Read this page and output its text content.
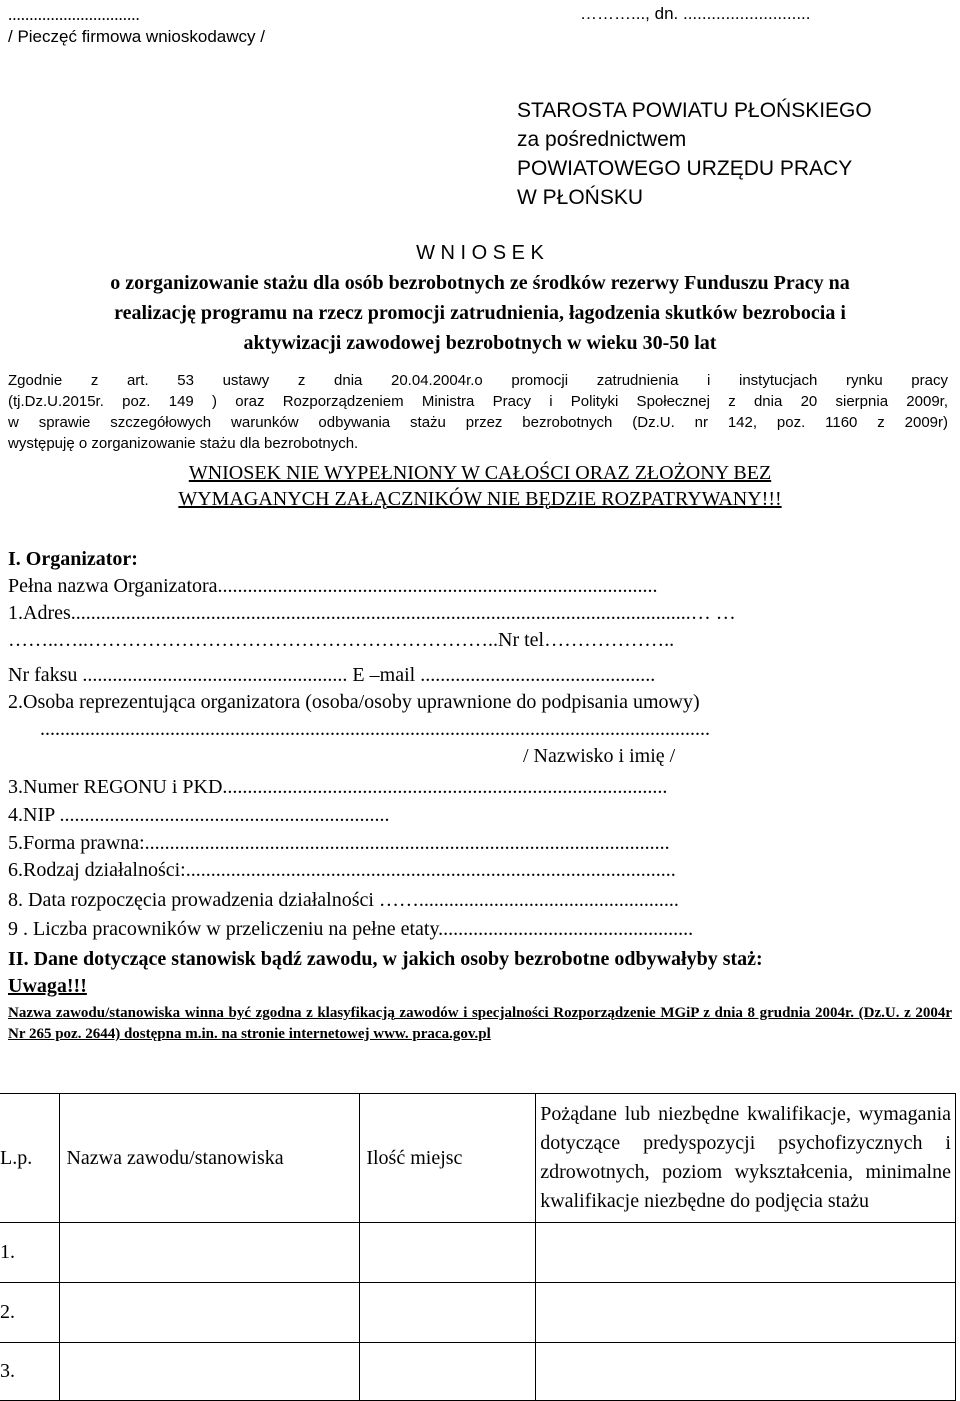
...............................
/ Pieczęć firmowa wnioskodawcy /
………..., dn. ...........................
STAROSTA POWIATU PŁOŃSKIEGO
za pośrednictwem
POWIATOWEGO URZĘDU PRACY
W PŁOŃSKU
W N I O S E K
o zorganizowanie stażu dla osób bezrobotnych ze środków rezerwy Funduszu Pracy na
realizację programu na rzecz promocji zatrudnienia, łagodzenia skutków bezrobocia i
aktywizacji zawodowej bezrobotnych w wieku 30-50 lat

Zgodnie z art. 53 ustawy z dnia 20.04.2004r.o promocji zatrudnienia i instytucjach rynku pracy

(tj.Dz.U.2015r. poz. 149 ) oraz Rozporządzeniem Ministra Pracy i Polityki Społecznej z dnia 20 sierpnia 2009r,

w sprawie szczegółowych warunków odbywania stażu przez bezrobotnych (Dz.U. nr 142, poz. 1160 z 2009r)

występuję o zorganizowanie stażu dla bezrobotnych.

WNIOSEK NIE WYPEŁNIONY W CAŁOŚCI ORAZ ZŁOŻONY BEZ
WYMAGANYCH ZAŁĄCZNIKÓW NIE BĘDZIE ROZPATRYWANY!!!
I. Organizator:
Pełna nazwa Organizatora........................................................................................
1.Adres............................................................................................................................… …
……..…..……………………………………………………..Nr tel………………..
Nr faksu ..................................................... E –mail ...............................................
2.Osoba reprezentująca organizatora (osoba/osoby uprawnione do podpisania umowy)
......................................................................................................................................
/ Nazwisko i imię /
3.Numer REGONU i PKD.........................................................................................
4.NIP ..................................................................
5.Forma prawna:.........................................................................................................
6.Rodzaj działalności:..................................................................................................
8. Data rozpoczęcia prowadzenia działalności ……....................................................
9 . Liczba pracowników w przeliczeniu na pełne etaty...................................................
II. Dane dotyczące stanowisk bądź zawodu, w jakich osoby bezrobotne odbywałyby staż:
Uwaga!!!
Nazwa zawodu/stanowiska winna być zgodna z klasyfikacją zawodów i specjalności Rozporządzenie MGiP z dnia 8 grudnia 2004r. (Dz.U. z 2004r Nr 265 poz. 2644) dostępna m.in. na stronie internetowej www. praca.gov.pl
L.p.	Nazwa zawodu/stanowiska	Ilość miejsc	Pożądane lub niezbędne kwalifikacje, wymagania dotyczące predyspozycji psychofizycznych i zdrowotnych, poziom wykształcenia, minimalne kwalifikacje niezbędne do podjęcia stażu
1.			
2.			
3.			
